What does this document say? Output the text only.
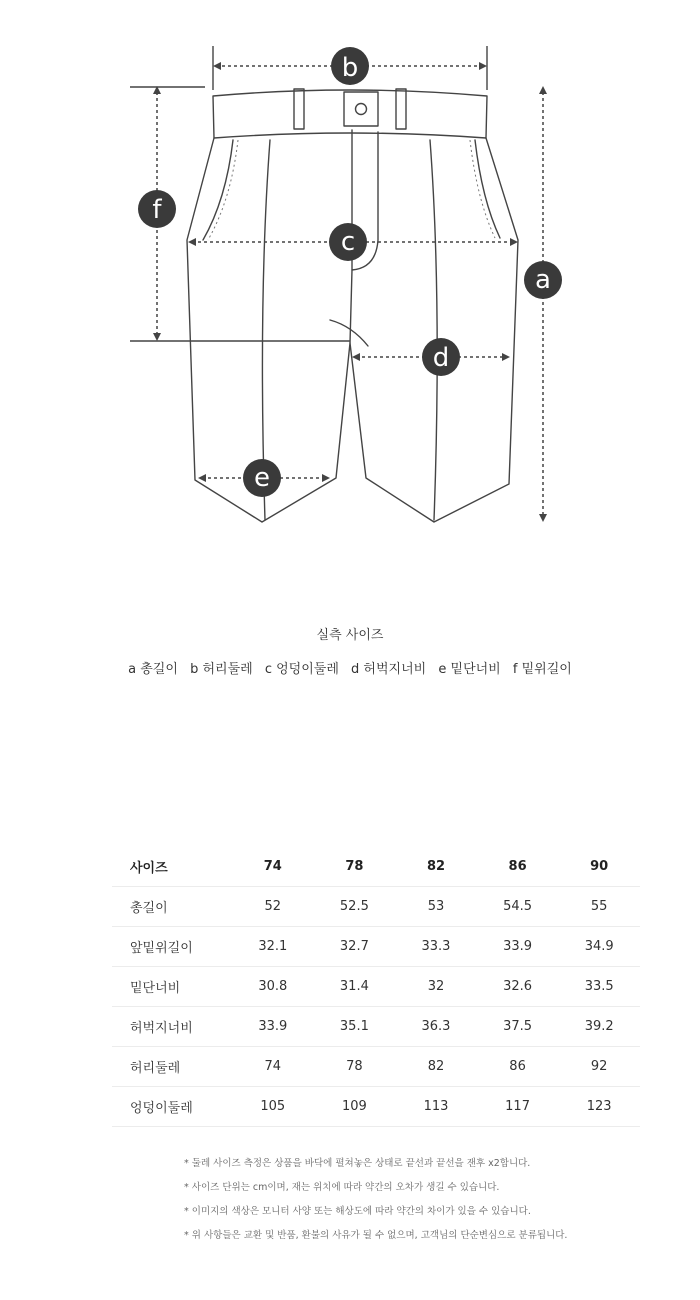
b
a
f
c
d
e
실측 사이즈
a 총길이 b 허리둘레 c 엉덩이둘레 d 허벅지너비 e 밑단너비 f 밑위길이
사이즈	74	78	82	86	90
총길이	52	52.5	53	54.5	55
앞밑위길이	32.1	32.7	33.3	33.9	34.9
밑단너비	30.8	31.4	32	32.6	33.5
허벅지너비	33.9	35.1	36.3	37.5	39.2
허리둘레	74	78	82	86	92
엉덩이둘레	105	109	113	117	123
* 둘레 사이즈 측정은 상품을 바닥에 펼쳐놓은 상태로 끝선과 끝선을 잰후 x2합니다.
* 사이즈 단위는 cm이며, 재는 위치에 따라 약간의 오차가 생길 수 있습니다.
* 이미지의 색상은 모니터 사양 또는 해상도에 따라 약간의 차이가 있을 수 있습니다.
* 위 사항들은 교환 및 반품, 환불의 사유가 될 수 없으며, 고객님의 단순변심으로 분류됩니다.
